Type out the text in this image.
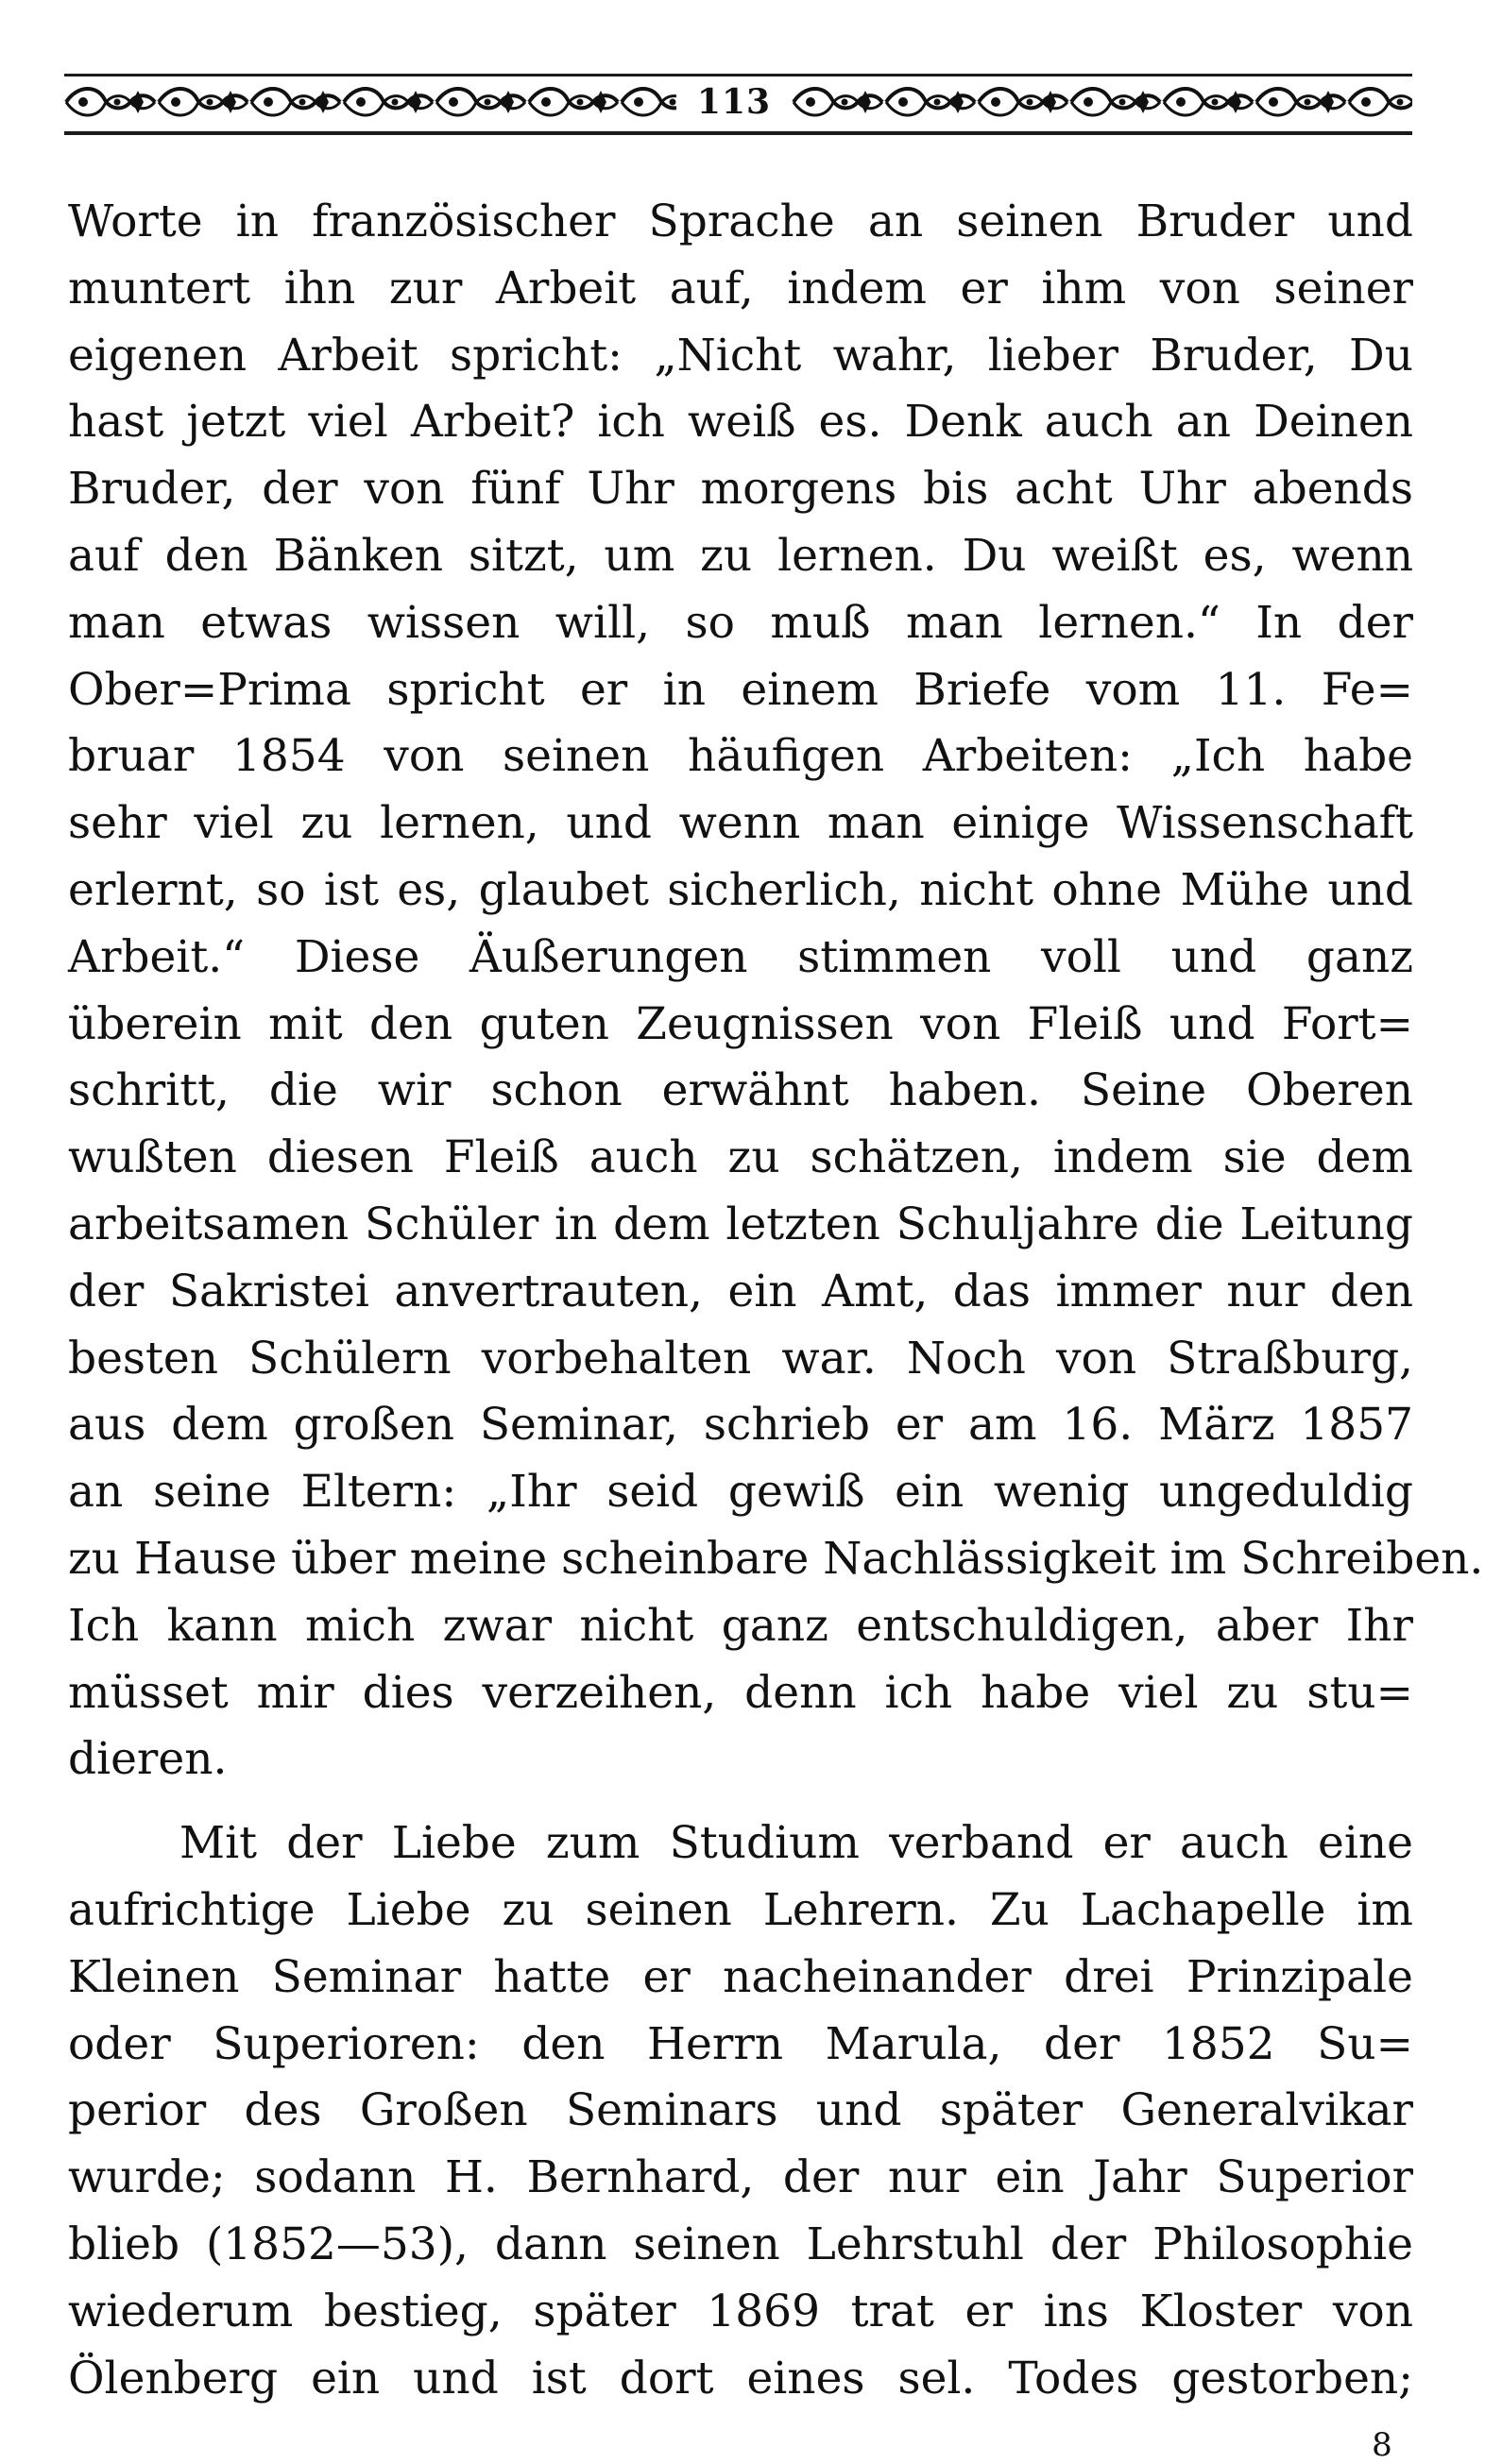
113
Worte in französischer Sprache an seinen Bruder und
muntert ihn zur Arbeit auf, indem er ihm von seiner
eigenen Arbeit spricht: „Nicht wahr, lieber Bruder, Du
hast jetzt viel Arbeit? ich weiß es. Denk auch an Deinen
Bruder, der von fünf Uhr morgens bis acht Uhr abends
auf den Bänken sitzt, um zu lernen. Du weißt es, wenn
man etwas wissen will, so muß man lernen.“ In der
Ober=Prima spricht er in einem Briefe vom 11. Fe=
bruar 1854 von seinen häufigen Arbeiten: „Ich habe
sehr viel zu lernen, und wenn man einige Wissenschaft
erlernt, so ist es, glaubet sicherlich, nicht ohne Mühe und
Arbeit.“ Diese Äußerungen stimmen voll und ganz
überein mit den guten Zeugnissen von Fleiß und Fort=
schritt, die wir schon erwähnt haben. Seine Oberen
wußten diesen Fleiß auch zu schätzen, indem sie dem
arbeitsamen Schüler in dem letzten Schuljahre die Leitung
der Sakristei anvertrauten, ein Amt, das immer nur den
besten Schülern vorbehalten war. Noch von Straßburg,
aus dem großen Seminar, schrieb er am 16. März 1857
an seine Eltern: „Ihr seid gewiß ein wenig ungeduldig
zu Hause über meine scheinbare Nachlässigkeit im Schreiben.
Ich kann mich zwar nicht ganz entschuldigen, aber Ihr
müsset mir dies verzeihen, denn ich habe viel zu stu=
dieren.
Mit der Liebe zum Studium verband er auch eine
aufrichtige Liebe zu seinen Lehrern. Zu Lachapelle im
Kleinen Seminar hatte er nacheinander drei Prinzipale
oder Superioren: den Herrn Marula, der 1852 Su=
perior des Großen Seminars und später Generalvikar
wurde; sodann H. Bernhard, der nur ein Jahr Superior
blieb (1852—53), dann seinen Lehrstuhl der Philosophie
wiederum bestieg, später 1869 trat er ins Kloster von
Ölenberg ein und ist dort eines sel. Todes gestorben;
8
